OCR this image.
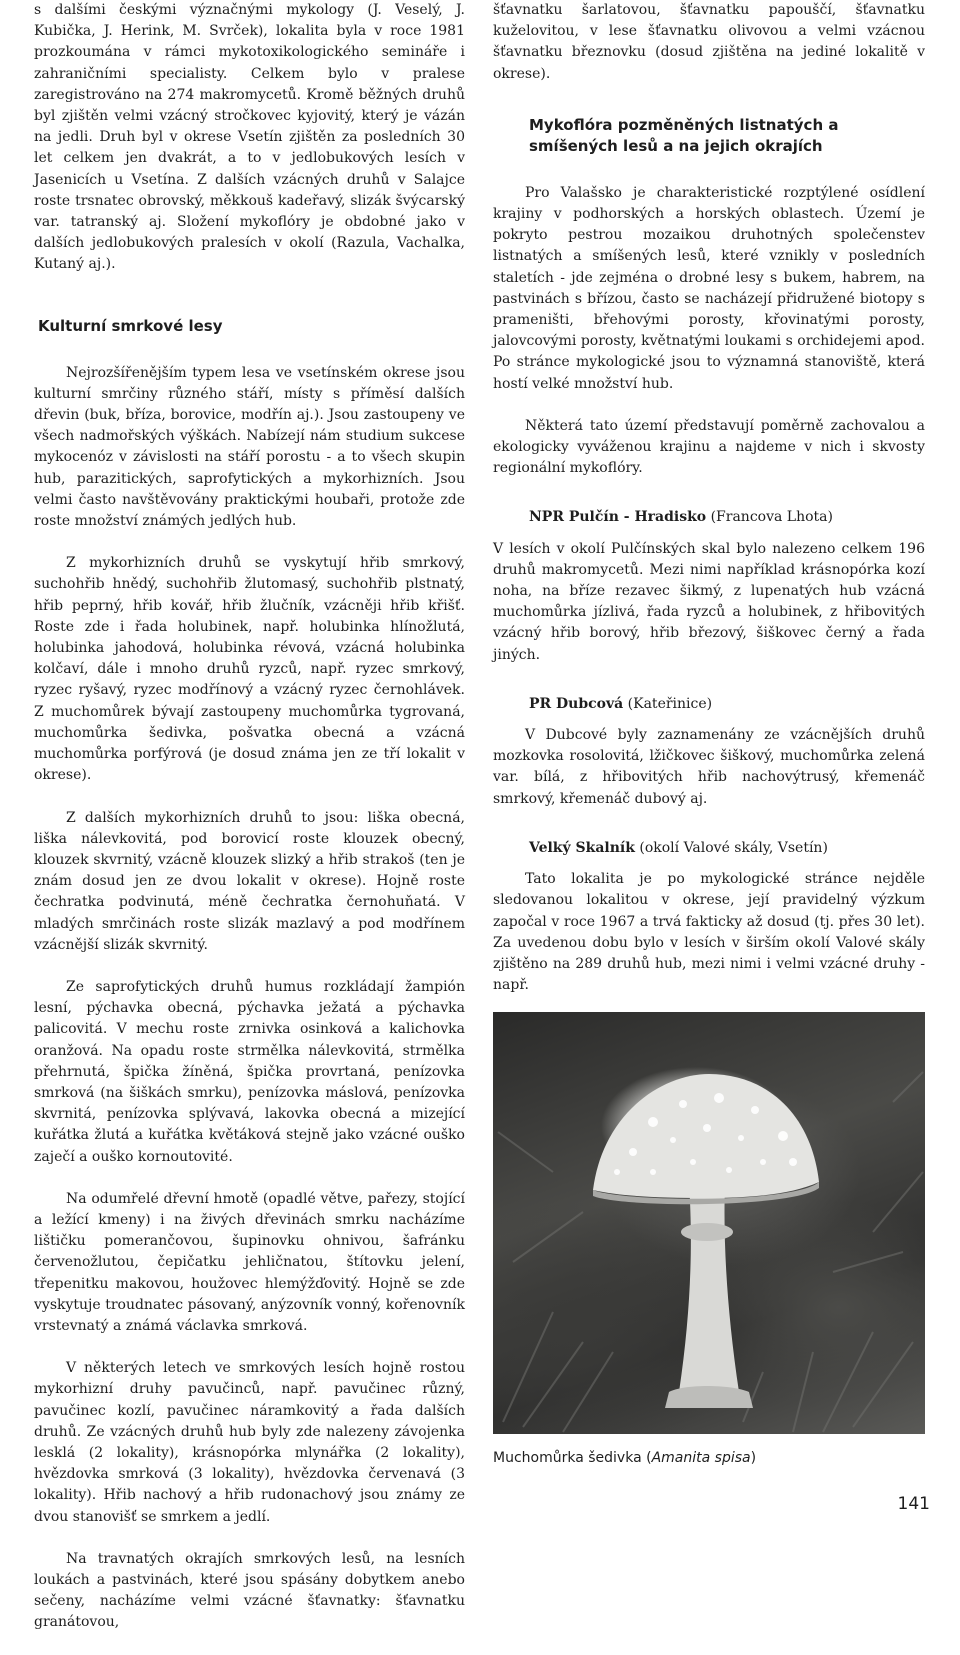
s dalšími českými význačnými mykology (J. Veselý, J. Kubička, J. Herink, M. Svrček), lokalita byla v roce 1981 prozkoumána v rámci mykotoxikologického semináře i zahraničními specialisty. Celkem bylo v pralese zaregistrováno na 274 makromycetů. Kromě běžných druhů byl zjištěn velmi vzácný stročkovec kyjovitý, který je vázán na jedli. Druh byl v okrese Vsetín zjištěn za posledních 30 let celkem jen dvakrát, a to v jedlobukových lesích v Jasenicích u Vsetína. Z dalších vzácných druhů v Salajce roste trsnatec obrovský, měkkouš kadeřavý, slizák švýcarský var. tatranský aj. Složení mykoflóry je obdobné jako v dalších jedlobukových pralesích v okolí (Razula, Vachalka, Kutaný aj.).

Kulturní smrkové lesy

Nejrozšířenějším typem lesa ve vsetínském okrese jsou kulturní smrčiny různého stáří, místy s příměsí dalších dřevin (buk, bříza, borovice, modřín aj.). Jsou zastoupeny ve všech nadmořských výškách. Nabízejí nám studium sukcese mykocenóz v závislosti na stáří porostu - a to všech skupin hub, parazitických, saprofytických a mykorhizních. Jsou velmi často navštěvovány praktickými houbaři, protože zde roste množství známých jedlých hub.

Z mykorhizních druhů se vyskytují hřib smrkový, suchohřib hnědý, suchohřib žlutomasý, suchohřib plstnatý, hřib peprný, hřib kovář, hřib žlučník, vzácněji hřib křišť. Roste zde i řada holubinek, např. holubinka hlínožlutá, holubinka jahodová, holubinka révová, vzácná holubinka kolčaví, dále i mnoho druhů ryzců, např. ryzec smrkový, ryzec ryšavý, ryzec modřínový a vzácný ryzec černohlávek. Z muchomůrek bývají zastoupeny muchomůrka tygrovaná, muchomůrka šedivka, pošvatka obecná a vzácná muchomůrka porfýrová (je dosud známa jen ze tří lokalit v okrese).

Z dalších mykorhizních druhů to jsou: liška obecná, liška nálevkovitá, pod borovicí roste klouzek obecný, klouzek skvrnitý, vzácně klouzek slizký a hřib strakoš (ten je znám dosud jen ze dvou lokalit v okrese). Hojně roste čechratka podvinutá, méně čechratka černohuňatá. V mladých smrčinách roste slizák mazlavý a pod modřínem vzácnější slizák skvrnitý.

Ze saprofytických druhů humus rozkládají žampión lesní, pýchavka obecná, pýchavka ježatá a pýchavka palicovitá. V mechu roste zrnivka osinková a kalichovka oranžová. Na opadu roste strmělka nálevkovitá, strmělka přehrnutá, špička žíněná, špička provrtaná, penízovka smrková (na šiškách smrku), penízovka máslová, penízovka skvrnitá, penízovka splývavá, lakovka obecná a mizející kuřátka žlutá a kuřátka květáková stejně jako vzácné ouško zaječí a ouško kornoutovité.

Na odumřelé dřevní hmotě (opadlé větve, pařezy, stojící a ležící kmeny) i na živých dřevinách smrku nacházíme lištičku pomerančovou, šupinovku ohnivou, šafránku červenožlutou, čepičatku jehličnatou, štítovku jelení, třepenitku makovou, houžovec hlemýžďovitý. Hojně se zde vyskytuje troudnatec pásovaný, anýzovník vonný, kořenovník vrstevnatý a známá václavka smrková.

V některých letech ve smrkových lesích hojně rostou mykorhizní druhy pavučinců, např. pavučinec různý, pavučinec kozlí, pavučinec náramkovitý a řada dalších druhů. Ze vzácných druhů hub byly zde nalezeny závojenka lesklá (2 lokality), krásnopórka mlynářka (2 lokality), hvězdovka smrková (3 lokality), hvězdovka červenavá (3 lokality). Hřib nachový a hřib rudonachový jsou známy ze dvou stanovišť se smrkem a jedlí.

Na travnatých okrajích smrkových lesů, na lesních loukách a pastvinách, které jsou spásány dobytkem anebo sečeny, nacházíme velmi vzácné šťavnatky: šťavnatku granátovou,

šťavnatku šarlatovou, šťavnatku papouščí, šťavnatku kuželovitou, v lese šťavnatku olivovou a velmi vzácnou šťavnatku březnovku (dosud zjištěna na jediné lokalitě v okrese).

Mykoflóra pozměněných listnatých a smíšených lesů a na jejich okrajích

Pro Valašsko je charakteristické rozptýlené osídlení krajiny v podhorských a horských oblastech. Území je pokryto pestrou mozaikou druhotných společenstev listnatých a smíšených lesů, které vznikly v posledních staletích - jde zejména o drobné lesy s bukem, habrem, na pastvinách s břízou, často se nacházejí přidružené biotopy s prameništi, břehovými porosty, křovinatými porosty, jalovcovými porosty, květnatými loukami s orchidejemi apod. Po stránce mykologické jsou to významná stanoviště, která hostí velké množství hub.

Některá tato území představují poměrně zachovalou a ekologicky vyváženou krajinu a najdeme v nich i skvosty regionální mykoflóry.

NPR Pulčín - Hradisko (Francova Lhota)

V lesích v okolí Pulčínských skal bylo nalezeno celkem 196 druhů makromycetů. Mezi nimi například krásnopórka kozí noha, na bříze rezavec šikmý, z lupenatých hub vzácná muchomůrka jízlivá, řada ryzců a holubinek, z hřibovitých vzácný hřib borový, hřib březový, šiškovec černý a řada jiných.

PR Dubcová (Kateřinice)

V Dubcové byly zaznamenány ze vzácnějších druhů mozkovka rosolovitá, lžičkovec šiškový, muchomůrka zelená var. bílá, z hřibovitých hřib nachovýtrusý, křemenáč smrkový, křemenáč dubový aj.

Velký Skalník (okolí Valové skály, Vsetín)

Tato lokalita je po mykologické stránce nejděle sledovanou lokalitou v okrese, její pravidelný výzkum započal v roce 1967 a trvá fakticky až dosud (tj. přes 30 let). Za uvedenou dobu bylo v lesích v širším okolí Valové skály zjištěno na 289 druhů hub, mezi nimi i velmi vzácné druhy - např.

Muchomůrka šedivka (Amanita spisa)
141
